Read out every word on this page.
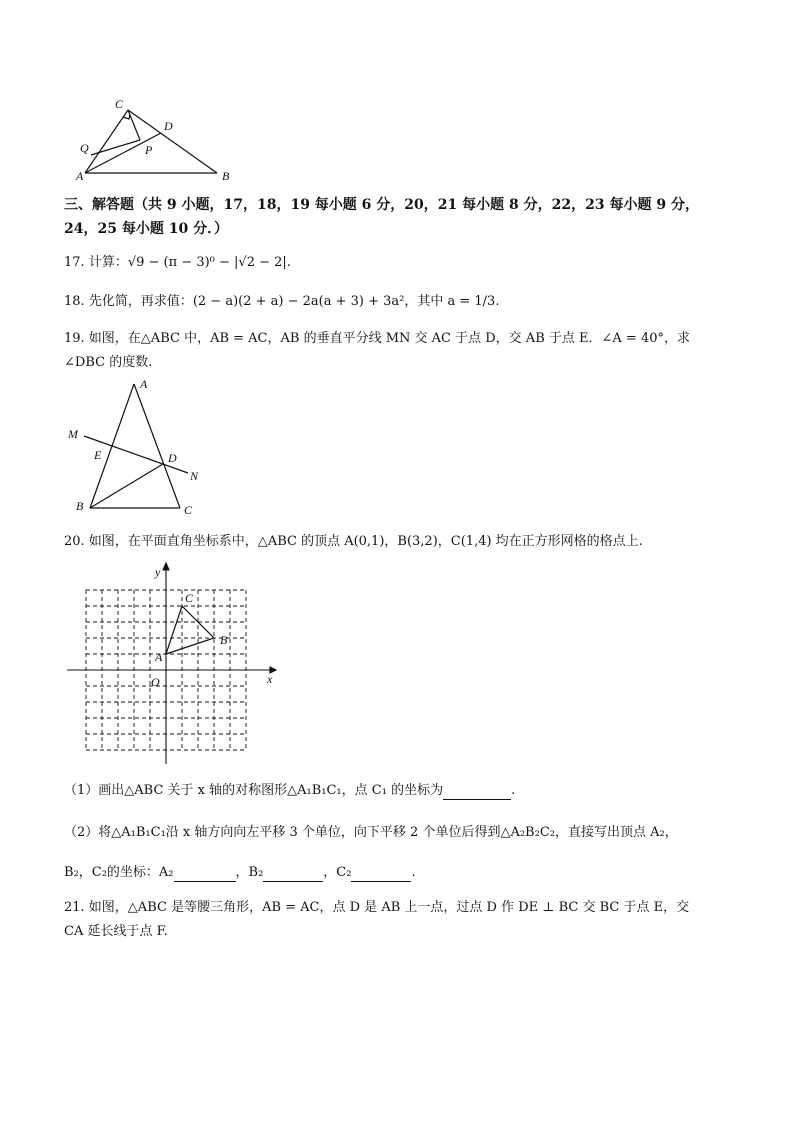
C
D
Q	P
A	B
三、解答题（共 9 小题，17，18，19 每小题 6 分，20，21 每小题 8 分，22，23 每小题 9 分，
24，25 每小题 10 分．）
17. 计算：√9 − (π − 3)⁰ − |√2 − 2|.
18. 先化简，再求值：(2 − a)(2 + a) − 2a(a + 3) + 3a²，其中 a = 1/3.
19. 如图，在△ABC 中，AB = AC，AB 的垂直平分线 MN 交 AC 于点 D，交 AB 于点 E．∠A = 40°，求
∠DBC 的度数.
A
M
E	D
N
B	C
20. 如图，在平面直角坐标系中，△ABC 的顶点 A(0,1)，B(3,2)，C(1,4) 均在正方形网格的格点上.
y
x
O
A
B
C
（1）画出△ABC 关于 x 轴的对称图形△A₁B₁C₁，点 C₁ 的坐标为	.
（2）将△A₁B₁C₁沿 x 轴方向向左平移 3 个单位，向下平移 2 个单位后得到△A₂B₂C₂，直接写出顶点 A₂，
B₂，C₂的坐标：A₂	，B₂	，C₂	.
21. 如图，△ABC 是等腰三角形，AB = AC，点 D 是 AB 上一点，过点 D 作 DE ⊥ BC 交 BC 于点 E，交
CA 延长线于点 F.
